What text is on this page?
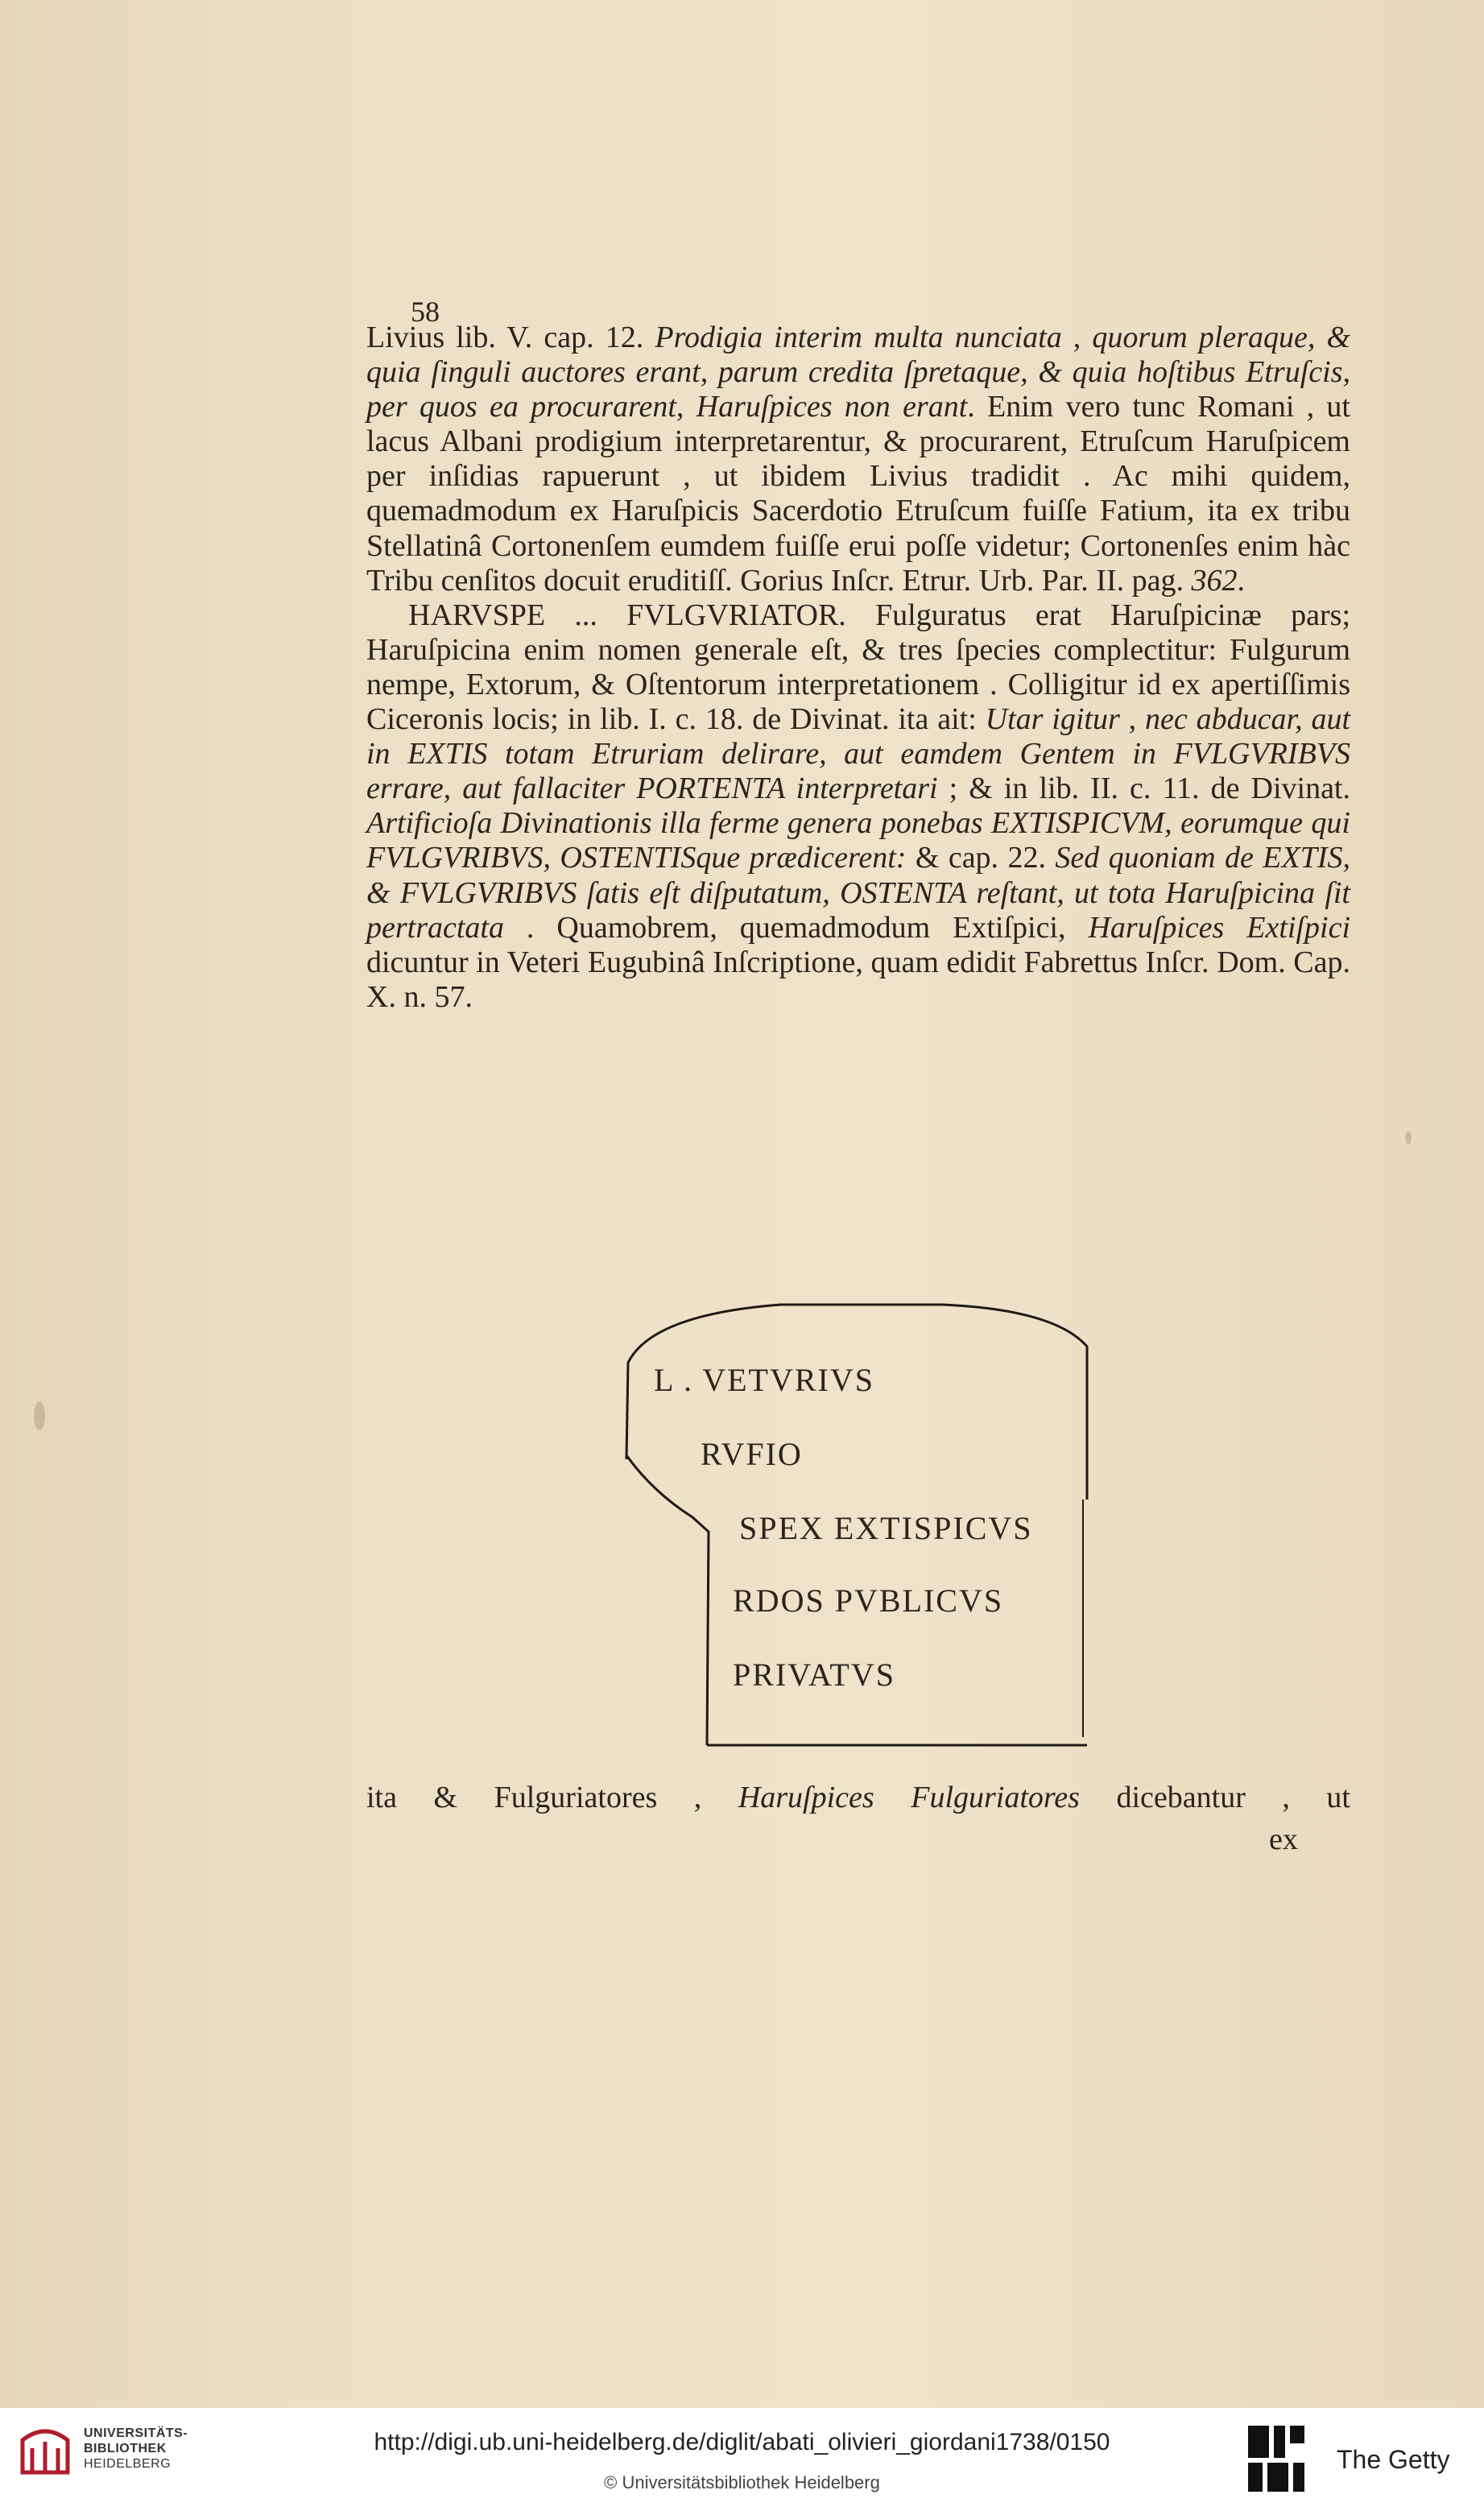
58

Livius lib. V. cap. 12. Prodigia interim multa nunciata , quorum pleraque, & quia ſinguli auctores erant, parum credita ſpretaque, & quia hoſtibus Etruſcis, per quos ea procurarent, Haruſpices non erant. Enim vero tunc Romani , ut lacus Albani prodigium interpretarentur, & procurarent, Etruſcum Haruſpicem per inſidias rapuerunt , ut ibidem Livius tradidit . Ac mihi quidem, quemadmodum ex Haruſpicis Sacerdotio Etruſcum fuiſſe Fatium, ita ex tribu Stellatinâ Cortonenſem eumdem fuiſſe erui poſſe videtur; Cortonenſes enim hàc Tribu cenſitos docuit eruditiſſ. Gorius Inſcr. Etrur. Urb. Par. II. pag. 362.

HARVSPE ... FVLGVRIATOR. Fulguratus erat Haruſpicinæ pars; Haruſpicina enim nomen generale eſt, & tres ſpecies complectitur: Fulgurum nempe, Extorum, & Oſtentorum interpretationem . Colligitur id ex apertiſſimis Ciceronis locis; in lib. I. c. 18. de Divinat. ita ait: Utar igitur , nec abducar, aut in EXTIS totam Etruriam delirare, aut eamdem Gentem in FVLGVRIBVS errare, aut fallaciter PORTENTA interpretari ; & in lib. II. c. 11. de Divinat. Artificioſa Divinationis illa ferme genera ponebas EXTISPICVM, eorumque qui FVLGVRIBVS, OSTENTISque prædicerent: & cap. 22. Sed quoniam de EXTIS, & FVLGVRIBVS ſatis eſt diſputatum, OSTENTA reſtant, ut tota Haruſpicina ſit pertractata . Quamobrem, quemadmodum Extiſpici, Haruſpices Extiſpici dicuntur in Veteri Eugubinâ Inſcriptione, quam edidit Fabrettus Inſcr. Dom. Cap. X. n. 57.

L . VETVRIVS
RVFIO
SPEX EXTISPICVS
RDOS PVBLICVS
PRIVATVS
ita & Fulguriatores , Haruſpices Fulguriatores dicebantur , ut
ex
UNIVERSITÄTS-
BIBLIOTHEK
HEIDELBERG
http://digi.ub.uni-heidelberg.de/diglit/abati_olivieri_giordani1738/0150
© Universitätsbibliothek Heidelberg
The Getty
